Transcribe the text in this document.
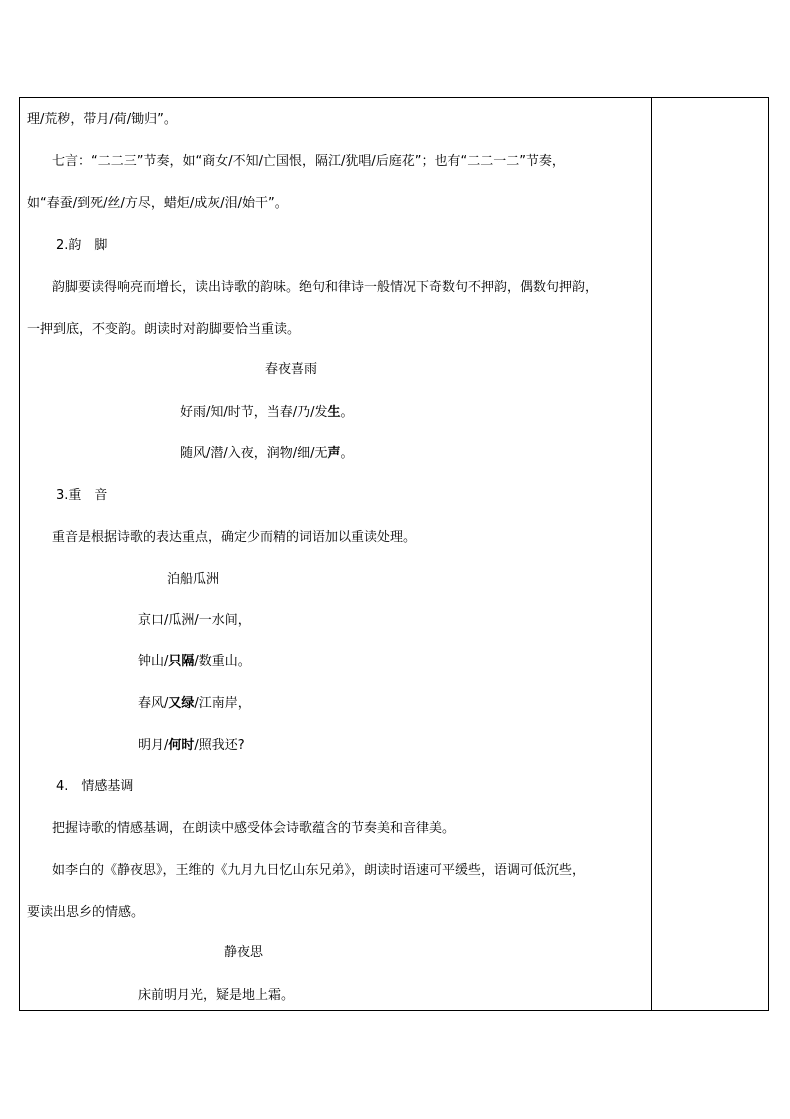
理/荒秽，带月/荷/锄归”。
七言：“二二三”节奏，如“商女/不知/亡国恨，隔江/犹唱/后庭花”；也有“二二一二”节奏，
如“春蚕/到死/丝/方尽，蜡炬/成灰/泪/始干”。
2.韵　脚
韵脚要读得响亮而增长，读出诗歌的韵味。绝句和律诗一般情况下奇数句不押韵，偶数句押韵，
一押到底，不变韵。朗读时对韵脚要恰当重读。
春夜喜雨
好雨/知/时节，当春/乃/发生。
随风/潜/入夜，润物/细/无声。
3.重　音
重音是根据诗歌的表达重点，确定少而精的词语加以重读处理。
泊船瓜洲
京口/瓜洲/一水间，
钟山/只隔/数重山。
春风/又绿/江南岸，
明月/何时/照我还?
4.　情感基调
把握诗歌的情感基调，在朗读中感受体会诗歌蕴含的节奏美和音律美。
如李白的《静夜思》，王维的《九月九日忆山东兄弟》，朗读时语速可平缓些，语调可低沉些，
要读出思乡的情感。
静夜思
床前明月光，疑是地上霜。
